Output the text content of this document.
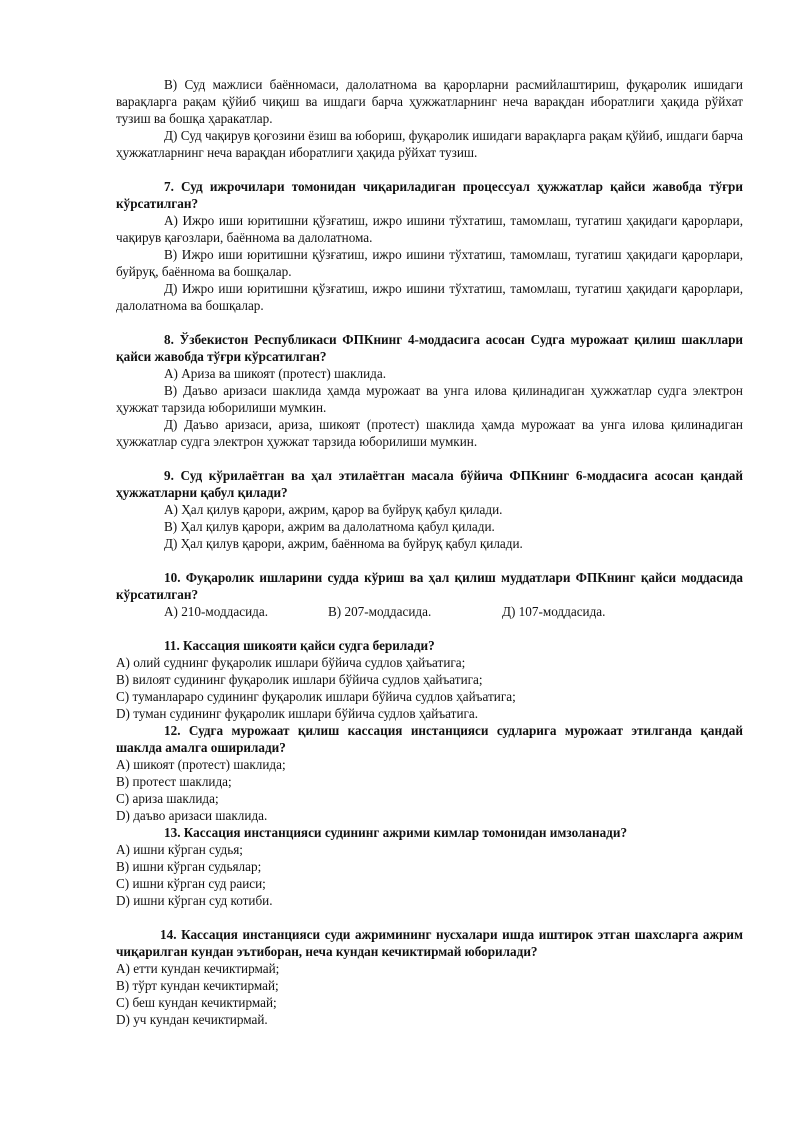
В) Суд мажлиси баённомаси, далолатнома ва қарорларни расмийлаштириш, фуқаролик ишидаги варақларга рақам қўйиб чиқиш ва ишдаги барча ҳужжатларнинг неча варақдан иборатлиги ҳақида рўйхат тузиш ва бошқа ҳаракатлар.

Д) Суд чақирув қоғозини ёзиш ва юбориш, фуқаролик ишидаги варақларга рақам қўйиб, ишдаги барча ҳужжатларнинг неча варақдан иборатлиги ҳақида рўйхат тузиш.

7. Суд ижрочилари томонидан чиқариладиган процессуал ҳужжатлар қайси жавобда тўғри кўрсатилган?

А) Ижро иши юритишни қўзғатиш, ижро ишини тўхтатиш, тамомлаш, тугатиш ҳақидаги қарорлари, чақирув қағозлари, баённома ва далолатнома.

В) Ижро иши юритишни қўзғатиш, ижро ишини тўхтатиш, тамомлаш, тугатиш ҳақидаги қарорлари, буйруқ, баённома ва бошқалар.

Д) Ижро иши юритишни қўзғатиш, ижро ишини тўхтатиш, тамомлаш, тугатиш ҳақидаги қарорлари, далолатнома ва бошқалар.

8. Ўзбекистон Республикаси ФПКнинг 4-моддасига асосан Судга мурожаат қилиш шакллари қайси жавобда тўғри кўрсатилган?

А) Ариза ва шикоят (протест) шаклида.

В) Даъво аризаси шаклида ҳамда мурожаат ва унга илова қилинадиган ҳужжатлар судга электрон ҳужжат тарзида юборилиши мумкин.

Д) Даъво аризаси, ариза, шикоят (протест) шаклида ҳамда мурожаат ва унга илова қилинадиган ҳужжатлар судга электрон ҳужжат тарзида юборилиши мумкин.

9. Суд кўрилаётган ва ҳал этилаётган масала бўйича ФПКнинг 6-моддасига асосан қандай ҳужжатларни қабул қилади?

А) Ҳал қилув қарори, ажрим, қарор ва буйруқ қабул қилади.

В) Ҳал қилув қарори, ажрим ва далолатнома қабул қилади.

Д) Ҳал қилув қарори, ажрим, баённома ва буйруқ қабул қилади.

10. Фуқаролик ишларини судда кўриш ва ҳал қилиш муддатлари ФПКнинг қайси моддасида кўрсатилган?

А) 210-моддасида.	В) 207-моддасида.	Д) 107-моддасида.

11. Кассация шикояти қайси судга берилади?

А) олий суднинг фуқаролик ишлари бўйича судлов ҳайъатига;

В) вилоят судининг фуқаролик ишлари бўйича судлов ҳайъатига;

С) туманлараро судининг фуқаролик ишлари бўйича судлов ҳайъатига;

D) туман судининг фуқаролик ишлари бўйича судлов ҳайъатига.

12. Судга мурожаат қилиш кассация инстанцияси судларига мурожаат этилганда қандай шаклда амалга оширилади?

А) шикоят (протест) шаклида;

В) протест шаклида;

С) ариза шаклида;

D) даъво аризаси шаклида.

13. Кассация инстанцияси судининг ажрими кимлар томонидан имзоланади?

А) ишни кўрган судья;

В) ишни кўрган судьялар;

С) ишни кўрган суд раиси;

D) ишни кўрган суд котиби.

14. Кассация инстанцияси суди ажримининг нусхалари ишда иштирок этган шахсларга ажрим чиқарилган кундан эътиборан, неча кундан кечиктирмай юборилади?

А) етти кундан кечиктирмай;

В) тўрт кундан кечиктирмай;

С) беш кундан кечиктирмай;

D) уч кундан кечиктирмай.
